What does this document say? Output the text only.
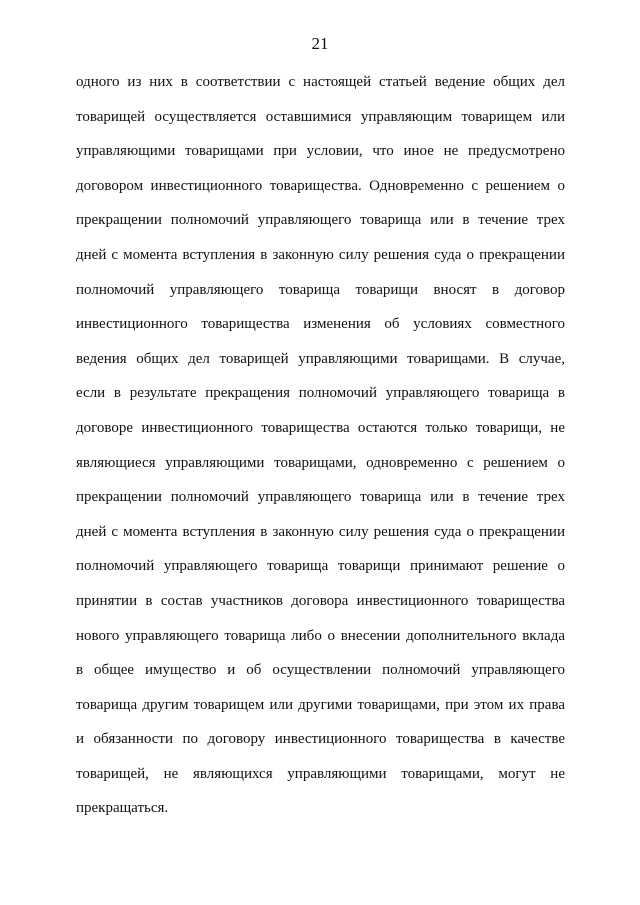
21
одного из них в соответствии с настоящей статьей ведение общих дел
товарищей осуществляется оставшимися управляющим товарищем или
управляющими товарищами при условии, что иное не предусмотрено
договором инвестиционного товарищества. Одновременно с решением о
прекращении полномочий управляющего товарища или в течение трех
дней с момента вступления в законную силу решения суда о прекращении
полномочий управляющего товарища товарищи вносят в договор
инвестиционного товарищества изменения об условиях совместного
ведения общих дел товарищей управляющими товарищами. В случае,
если в результате прекращения полномочий управляющего товарища в
договоре инвестиционного товарищества остаются только товарищи, не
являющиеся управляющими товарищами, одновременно с решением о
прекращении полномочий управляющего товарища или в течение трех
дней с момента вступления в законную силу решения суда о прекращении
полномочий управляющего товарища товарищи принимают решение о
принятии в состав участников договора инвестиционного товарищества
нового управляющего товарища либо о внесении дополнительного вклада
в общее имущество и об осуществлении полномочий управляющего
товарища другим товарищем или другими товарищами, при этом их права
и обязанности по договору инвестиционного товарищества в качестве
товарищей, не являющихся управляющими товарищами, могут не
прекращаться.
